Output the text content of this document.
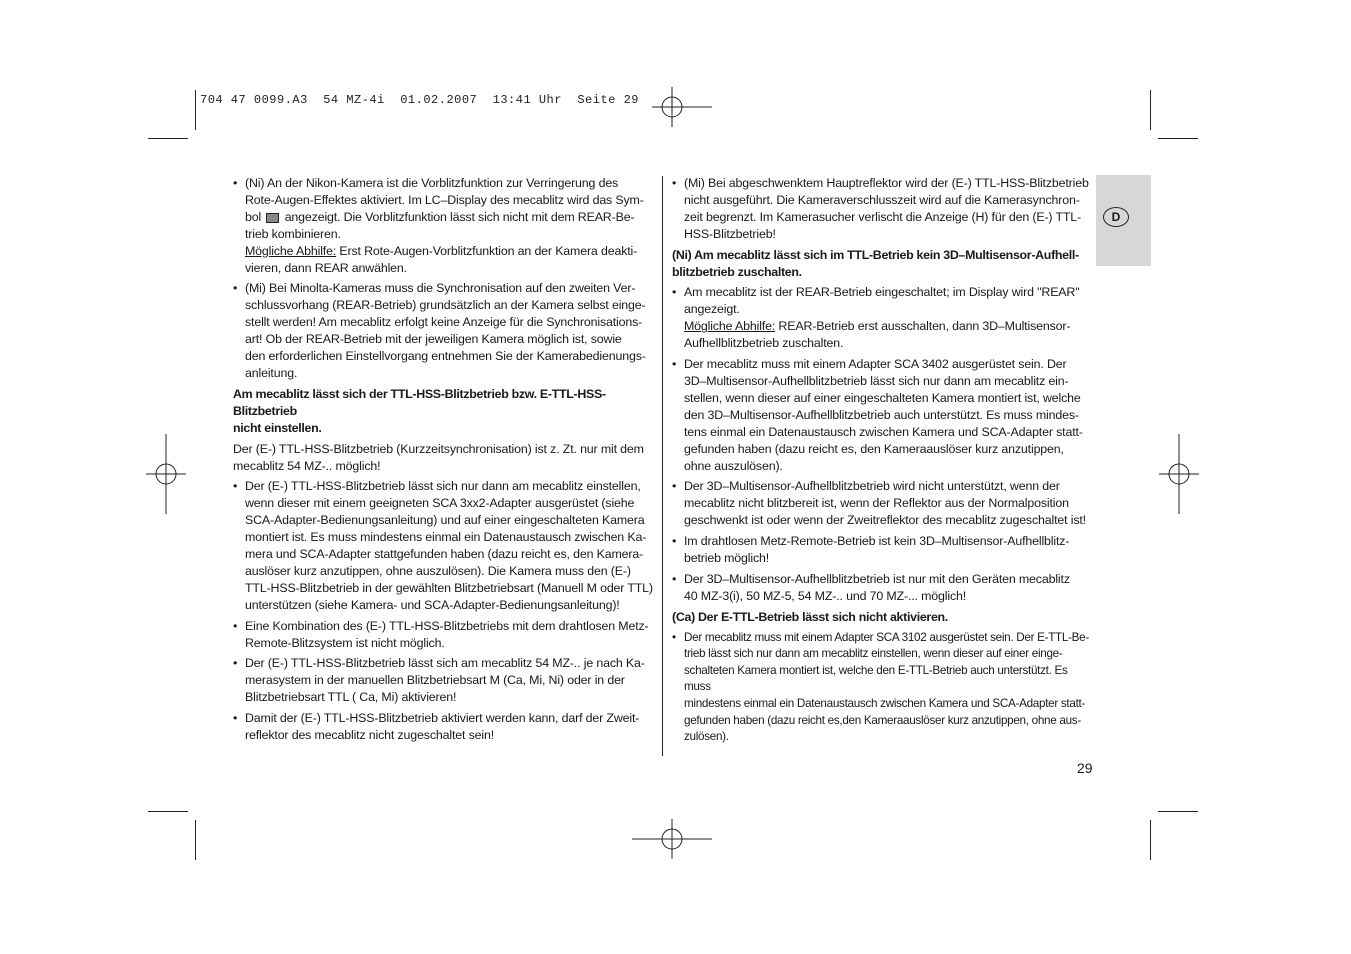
704 47 0099.A3  54 MZ-4i  01.02.2007  13:41 Uhr  Seite 29
D
• (Ni) An der Nikon-Kamera ist die Vorblitzfunktion zur Verringerung des
Rote-Augen-Effektes aktiviert. Im LC–Display des mecablitz wird das Sym-
bol angezeigt. Die Vorblitzfunktion lässt sich nicht mit dem REAR-Be-
trieb kombinieren.
Mögliche Abhilfe: Erst Rote-Augen-Vorblitzfunktion an der Kamera deakti-
vieren, dann REAR anwählen.
• (Mi) Bei Minolta-Kameras muss die Synchronisation auf den zweiten Ver-
schlussvorhang (REAR-Betrieb) grundsätzlich an der Kamera selbst einge-
stellt werden! Am mecablitz erfolgt keine Anzeige für die Synchronisations-
art! Ob der REAR-Betrieb mit der jeweiligen Kamera möglich ist, sowie
den erforderlichen Einstellvorgang entnehmen Sie der Kamerabedienungs-
anleitung.
Am mecablitz lässt sich der TTL-HSS-Blitzbetrieb bzw. E-TTL-HSS-Blitzbetrieb
nicht einstellen.
Der (E-) TTL-HSS-Blitzbetrieb (Kurzzeitsynchronisation) ist z. Zt. nur mit dem
mecablitz 54 MZ-.. möglich!
• Der (E-) TTL-HSS-Blitzbetrieb lässt sich nur dann am mecablitz einstellen,
wenn dieser mit einem geeigneten SCA 3xx2-Adapter ausgerüstet (siehe
SCA-Adapter-Bedienungsanleitung) und auf einer eingeschalteten Kamera
montiert ist. Es muss mindestens einmal ein Datenaustausch zwischen Ka-
mera und SCA-Adapter stattgefunden haben (dazu reicht es, den Kamera-
auslöser kurz anzutippen, ohne auszulösen). Die Kamera muss den (E-)
TTL-HSS-Blitzbetrieb in der gewählten Blitzbetriebsart (Manuell M oder TTL)
unterstützen (siehe Kamera- und SCA-Adapter-Bedienungsanleitung)!
• Eine Kombination des (E-) TTL-HSS-Blitzbetriebs mit dem drahtlosen Metz-
Remote-Blitzsystem ist nicht möglich.
• Der (E-) TTL-HSS-Blitzbetrieb lässt sich am mecablitz 54 MZ-.. je nach Ka-
merasystem in der manuellen Blitzbetriebsart M (Ca, Mi, Ni) oder in der
Blitzbetriebsart TTL ( Ca, Mi) aktivieren!
• Damit der (E-) TTL-HSS-Blitzbetrieb aktiviert werden kann, darf der Zweit-
reflektor des mecablitz nicht zugeschaltet sein!
• (Mi) Bei abgeschwenktem Hauptreflektor wird der (E-) TTL-HSS-Blitzbetrieb
nicht ausgeführt. Die Kameraverschlusszeit wird auf die Kamerasynchron-
zeit begrenzt. Im Kamerasucher verlischt die Anzeige (H) für den (E-) TTL-
HSS-Blitzbetrieb!
(Ni) Am mecablitz lässt sich im TTL-Betrieb kein 3D–Multisensor-Aufhell-
blitzbetrieb zuschalten.
• Am mecablitz ist der REAR-Betrieb eingeschaltet; im Display wird "REAR"
angezeigt.
Mögliche Abhilfe: REAR-Betrieb erst ausschalten, dann 3D–Multisensor-
Aufhellblitzbetrieb zuschalten.
• Der mecablitz muss mit einem Adapter SCA 3402 ausgerüstet sein. Der
3D–Multisensor-Aufhellblitzbetrieb lässt sich nur dann am mecablitz ein-
stellen, wenn dieser auf einer eingeschalteten Kamera montiert ist, welche
den 3D–Multisensor-Aufhellblitzbetrieb auch unterstützt. Es muss mindes-
tens einmal ein Datenaustausch zwischen Kamera und SCA-Adapter statt-
gefunden haben (dazu reicht es, den Kameraauslöser kurz anzutippen,
ohne auszulösen).
• Der 3D–Multisensor-Aufhellblitzbetrieb wird nicht unterstützt, wenn der
mecablitz nicht blitzbereit ist, wenn der Reflektor aus der Normalposition
geschwenkt ist oder wenn der Zweitreflektor des mecablitz zugeschaltet ist!
• Im drahtlosen Metz-Remote-Betrieb ist kein 3D–Multisensor-Aufhellblitz-
betrieb möglich!
• Der 3D–Multisensor-Aufhellblitzbetrieb ist nur mit den Geräten mecablitz
40 MZ-3(i), 50 MZ-5, 54 MZ-.. und 70 MZ-... möglich!
(Ca) Der E-TTL-Betrieb lässt sich nicht aktivieren.
• Der mecablitz muss mit einem Adapter SCA 3102 ausgerüstet sein. Der E-TTL-Be-
trieb lässt sich nur dann am mecablitz einstellen, wenn dieser auf einer einge-
schalteten Kamera montiert ist, welche den E-TTL-Betrieb auch unterstützt. Es muss
mindestens einmal ein Datenaustausch zwischen Kamera und SCA-Adapter statt-
gefunden haben (dazu reicht es,den Kameraauslöser kurz anzutippen, ohne aus-
zulösen).
29
